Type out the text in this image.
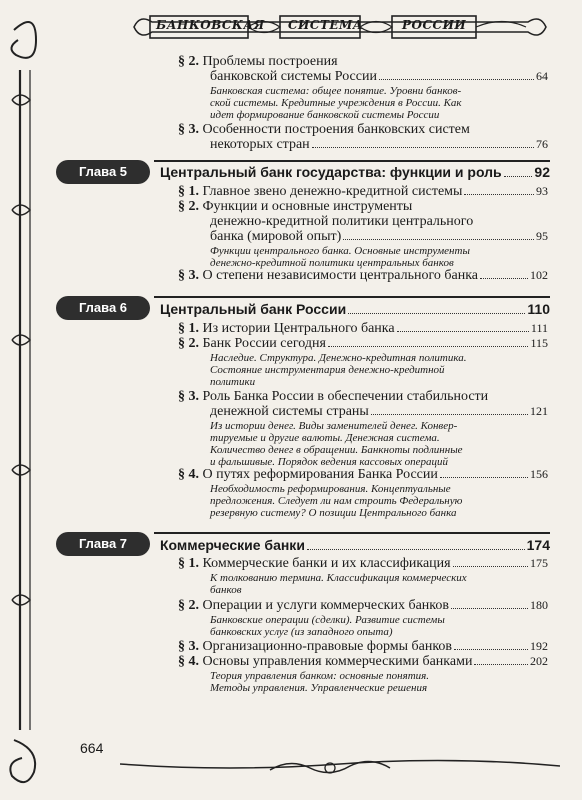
БАНКОВСКАЯ СИСТЕМА	РОССИИ
664
§ 2.
Проблемы построения
банковской системы России	64
Банковская система: общее понятие. Уровни банков-
ской системы. Кредитные учреждения в России. Как
идет формирование банковской системы России
§ 3.
Особенности построения банковских систем
некоторых стран	76
Глава 5	Центральный банк государства: функции и роль 92
§ 1.
Главное звено денежно-кредитной системы	93
§ 2.
Функции и основные инструменты
денежно-кредитной политики центрального
банка (мировой опыт)	95
Функции центрального банка. Основные инструменты
денежно-кредитной политики центральных банков
§ 3.
О степени независимости центрального банка	102
Глава 6	Центральный банк России	110
§ 1.
Из истории Центрального банка	111
§ 2.
Банк России сегодня	115
Наследие. Структура. Денежно-кредитная политика.
Состояние инструментария денежно-кредитной
политики
§ 3.
Роль Банка России в обеспечении стабильности
денежной системы страны	121
Из истории денег. Виды заменителей денег. Конвер-
тируемые и другие валюты. Денежная система.
Количество денег в обращении. Банкноты подлинные
и фальшивые. Порядок ведения кассовых операций
§ 4.
О путях реформирования Банка России	156
Необходимость реформирования. Концептуальные
предложения. Следует ли нам строить Федеральную
резервную систему? О позиции Центрального банка
Глава 7	Коммерческие банки	174
§ 1.
Коммерческие банки и их классификация	175
К толкованию термина. Классификация коммерческих
банков
§ 2.
Операции и услуги коммерческих банков	180
Банковские операции (сделки). Развитие системы
банковских услуг (из западного опыта)
§ 3.
Организационно-правовые формы банков	192
§ 4.
Основы управления коммерческими банками	202
Теория управления банком: основные понятия.
Методы управления. Управленческие решения
